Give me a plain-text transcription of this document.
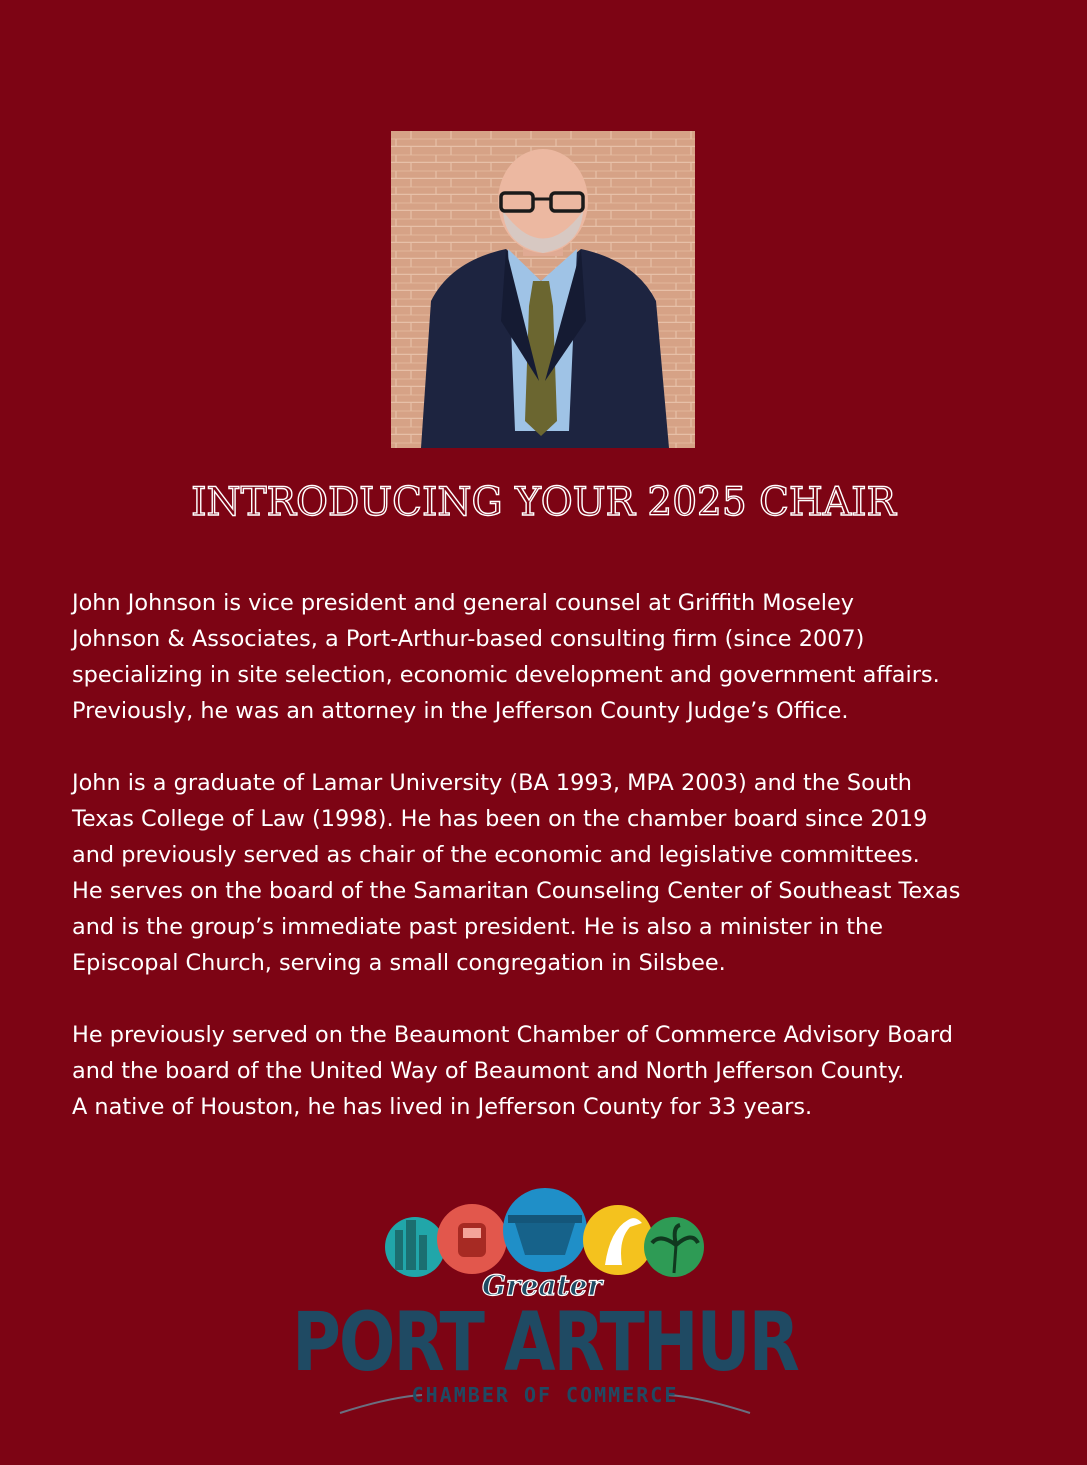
INTRODUCING YOUR 2025 CHAIR

John Johnson is vice president and general counsel at Griffith Moseley
Johnson & Associates, a Port-Arthur-based consulting firm (since 2007)
specializing in site selection, economic development and government affairs.
Previously, he was an attorney in the Jefferson County Judge’s Office.

John is a graduate of Lamar University (BA 1993, MPA 2003) and the South
Texas College of Law (1998). He has been on the chamber board since 2019
and previously served as chair of the economic and legislative committees.
He serves on the board of the Samaritan Counseling Center of Southeast Texas
and is the group’s immediate past president. He is also a minister in the
Episcopal Church, serving a small congregation in Silsbee.

He previously served on the Beaumont Chamber of Commerce Advisory Board
and the board of the United Way of Beaumont and North Jefferson County.
A native of Houston, he has lived in Jefferson County for 33 years.

Greater
PORT ARTHUR
CHAMBER OF COMMERCE
